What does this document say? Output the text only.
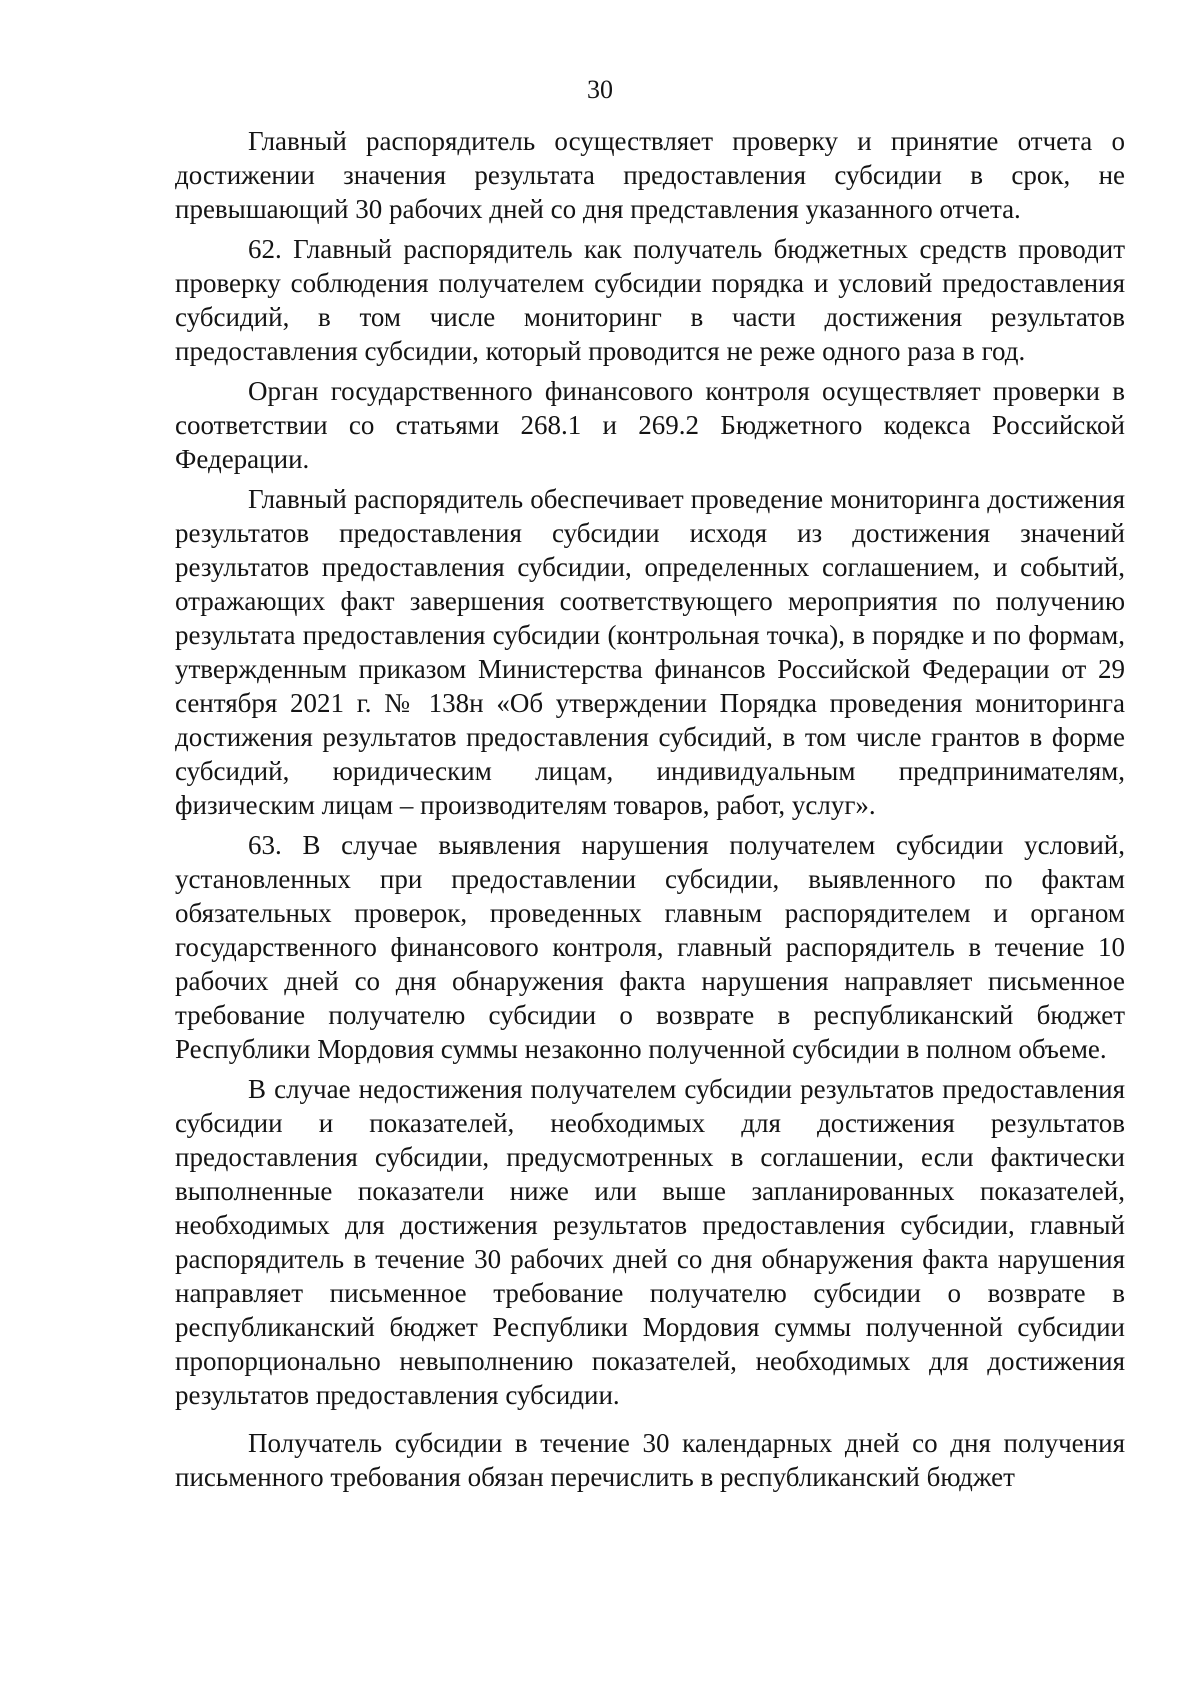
30

Главный распорядитель осуществляет проверку и принятие отчета о достижении значения результата предоставления субсидии в срок, не превышающий 30 рабочих дней со дня представления указанного отчета.

62. Главный распорядитель как получатель бюджетных средств проводит проверку соблюдения получателем субсидии порядка и условий предоставления субсидий, в том числе мониторинг в части достижения результатов предоставления субсидии, который проводится не реже одного раза в год.

Орган государственного финансового контроля осуществляет проверки в соответствии со статьями 268.1 и 269.2 Бюджетного кодекса Российской Федерации.

Главный распорядитель обеспечивает проведение мониторинга достижения результатов предоставления субсидии исходя из достижения значений результатов предоставления субсидии, определенных соглашением, и событий, отражающих факт завершения соответствующего мероприятия по получению результата предоставления субсидии (контрольная точка), в порядке и по формам, утвержденным приказом Министерства финансов Российской Федерации от 29 сентября 2021 г. № 138н «Об утверждении Порядка проведения мониторинга достижения результатов предоставления субсидий, в том числе грантов в форме субсидий, юридическим лицам, индивидуальным предпринимателям, физическим лицам – производителям товаров, работ, услуг».

63. В случае выявления нарушения получателем субсидии условий, установленных при предоставлении субсидии, выявленного по фактам обязательных проверок, проведенных главным распорядителем и органом государственного финансового контроля, главный распорядитель в течение 10 рабочих дней со дня обнаружения факта нарушения направляет письменное требование получателю субсидии о возврате в республиканский бюджет Республики Мордовия суммы незаконно полученной субсидии в полном объеме.

В случае недостижения получателем субсидии результатов предоставления субсидии и показателей, необходимых для достижения результатов предоставления субсидии, предусмотренных в соглашении, если фактически выполненные показатели ниже или выше запланированных показателей, необходимых для достижения результатов предоставления субсидии, главный распорядитель в течение 30 рабочих дней со дня обнаружения факта нарушения направляет письменное требование получателю субсидии о возврате в республиканский бюджет Республики Мордовия суммы полученной субсидии пропорционально невыполнению показателей, необходимых для достижения результатов предоставления субсидии.

Получатель субсидии в течение 30 календарных дней со дня получения письменного требования обязан перечислить в республиканский бюджет
